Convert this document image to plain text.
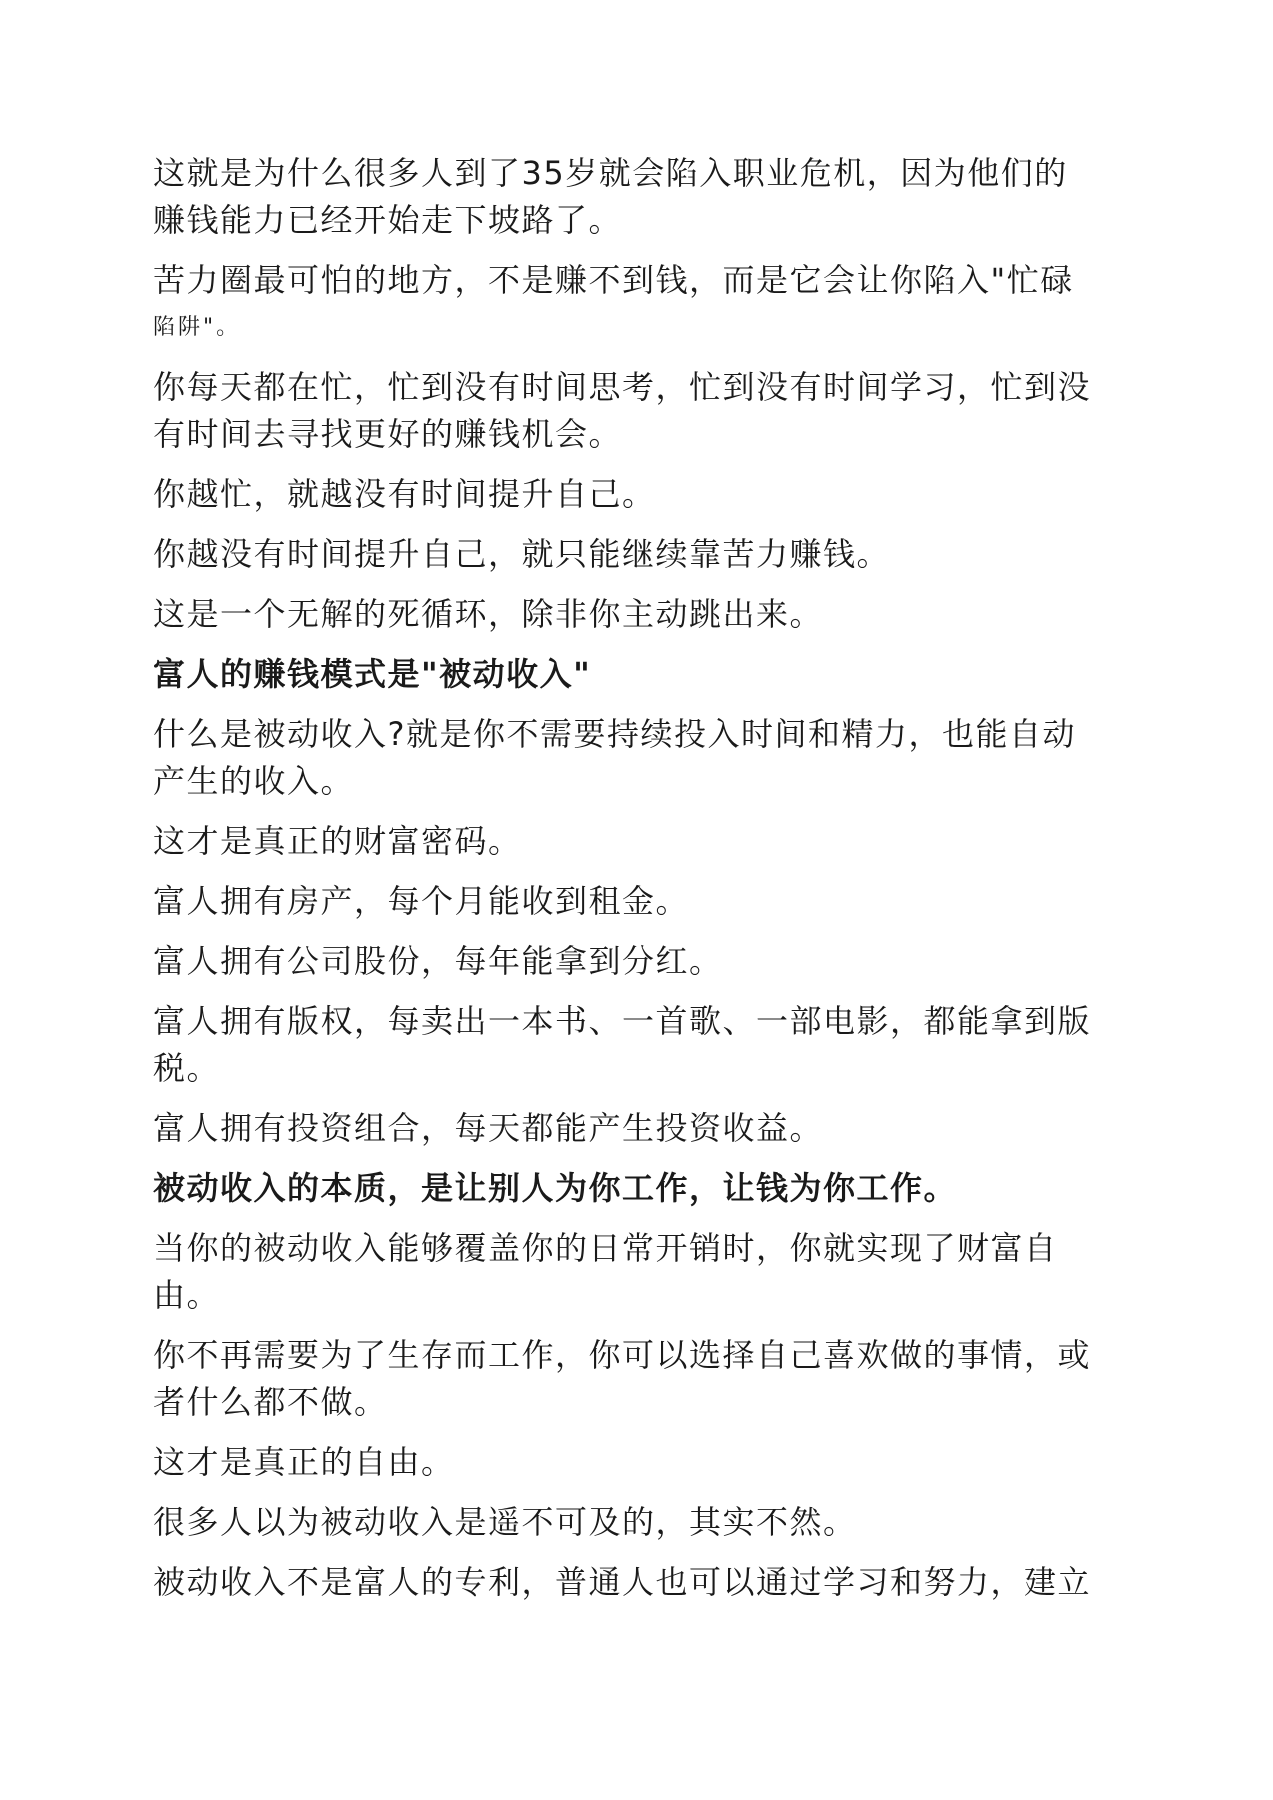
这就是为什么很多人到了35岁就会陷入职业危机，因为他们的
赚钱能力已经开始走下坡路了。

苦力圈最可怕的地方，不是赚不到钱，而是它会让你陷入"忙碌
陷阱"。

你每天都在忙，忙到没有时间思考，忙到没有时间学习，忙到没
有时间去寻找更好的赚钱机会。

你越忙，就越没有时间提升自己。

你越没有时间提升自己，就只能继续靠苦力赚钱。

这是一个无解的死循环，除非你主动跳出来。

富人的赚钱模式是"被动收入"

什么是被动收入?就是你不需要持续投入时间和精力，也能自动
产生的收入。

这才是真正的财富密码。

富人拥有房产，每个月能收到租金。

富人拥有公司股份，每年能拿到分红。

富人拥有版权，每卖出一本书、一首歌、一部电影，都能拿到版
税。

富人拥有投资组合，每天都能产生投资收益。

被动收入的本质，是让别人为你工作，让钱为你工作。

当你的被动收入能够覆盖你的日常开销时，你就实现了财富自
由。

你不再需要为了生存而工作，你可以选择自己喜欢做的事情，或
者什么都不做。

这才是真正的自由。

很多人以为被动收入是遥不可及的，其实不然。

被动收入不是富人的专利，普通人也可以通过学习和努力，建立
